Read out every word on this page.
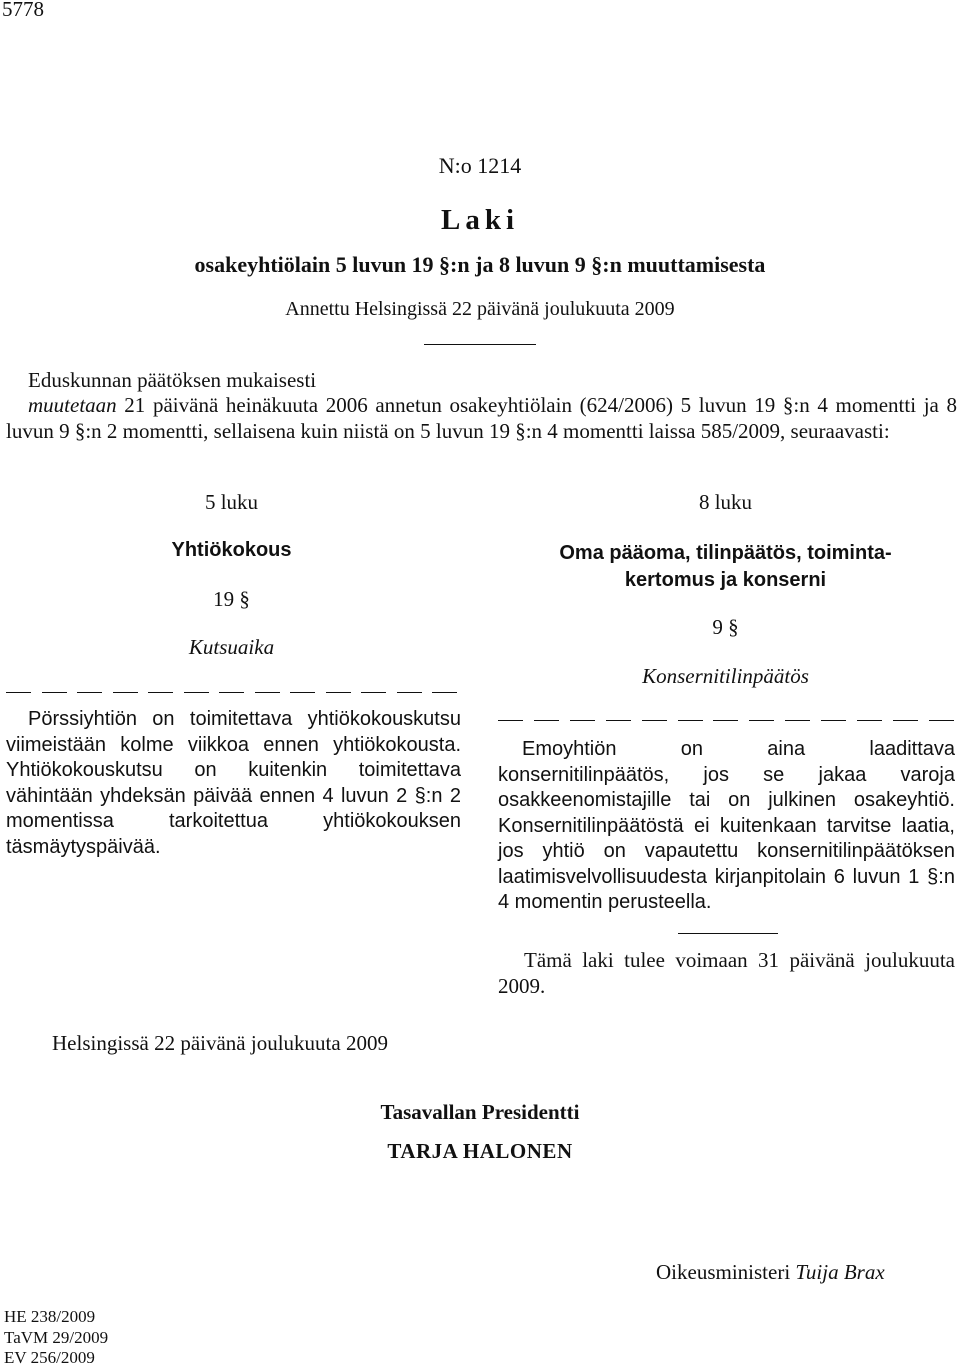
5778
N:o 1214
Laki
osakeyhtiölain 5 luvun 19 §:n ja 8 luvun 9 §:n muuttamisesta
Annettu Helsingissä 22 päivänä joulukuuta 2009
Eduskunnan päätöksen mukaisesti
muutetaan 21 päivänä heinäkuuta 2006 annetun osakeyhtiölain (624/2006) 5 luvun 19 §:n 4 momentti ja 8 luvun 9 §:n 2 momentti, sellaisena kuin niistä on 5 luvun 19 §:n 4 momentti laissa 585/2009, seuraavasti:
5 luku
Yhtiökokous
19 §
Kutsuaika
Pörssiyhtiön on toimitettava yhtiökokouskutsu viimeistään kolme viikkoa ennen yhtiökokousta. Yhtiökokouskutsu on kuitenkin toimitettava vähintään yhdeksän päivää ennen 4 luvun 2 §:n 2 momentissa tarkoitettua yhtiökokouksen täsmäytyspäivää.
8 luku
Oma pääoma, tilinpäätös, toiminta-
kertomus ja konserni
9 §
Konsernitilinpäätös
Emoyhtiön on aina laadittava konsernitilinpäätös, jos se jakaa varoja osakkeenomistajille tai on julkinen osakeyhtiö. Konsernitilinpäätöstä ei kuitenkaan tarvitse laatia, jos yhtiö on vapautettu konsernitilinpäätöksen laatimisvelvollisuudesta kirjanpitolain 6 luvun 1 §:n 4 momentin perusteella.
Tämä laki tulee voimaan 31 päivänä joulukuuta 2009.
Helsingissä 22 päivänä joulukuuta 2009
Tasavallan Presidentti
TARJA HALONEN
Oikeusministeri Tuija Brax
HE 238/2009
TaVM 29/2009
EV 256/2009
